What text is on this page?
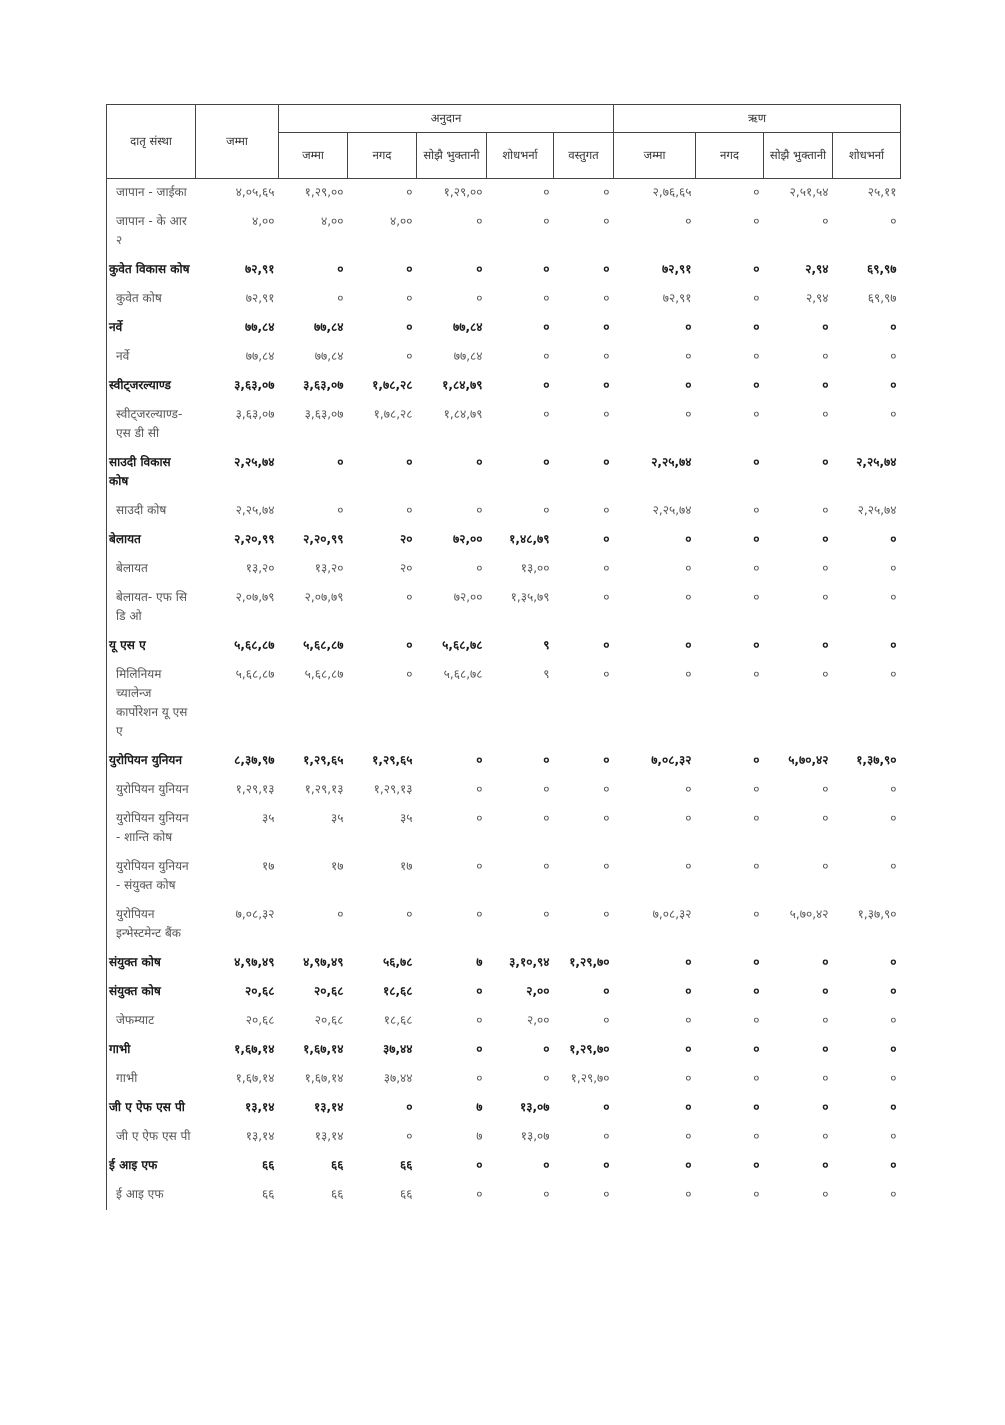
दातृ संस्था	जम्मा	अनुदान					ऋण			
		जम्मा	नगद	सोझै भुक्तानी	शोधभर्ना	वस्तुगत	जम्मा	नगद	सोझै भुक्तानी	शोधभर्ना
जापान - जाईका	४,०५,६५	१,२९,००	०	१,२९,००	०	०	२,७६,६५	०	२,५१,५४	२५,११
जापान - के आर २	४,००	४,००	४,००	०	०	०	०	०	०	०
कुवेत विकास कोष	७२,९१	०	०	०	०	०	७२,९१	०	२,९४	६९,९७
कुवेत कोष	७२,९१	०	०	०	०	०	७२,९१	०	२,९४	६९,९७
नर्वे	७७,८४	७७,८४	०	७७,८४	०	०	०	०	०	०
नर्वे	७७,८४	७७,८४	०	७७,८४	०	०	०	०	०	०
स्वीट्जरल्याण्ड	३,६३,०७	३,६३,०७	१,७८,२८	१,८४,७९	०	०	०	०	०	०
स्वीट्जरल्याण्ड- एस डी सी	३,६३,०७	३,६३,०७	१,७८,२८	१,८४,७९	०	०	०	०	०	०
साउदी विकास कोष	२,२५,७४	०	०	०	०	०	२,२५,७४	०	०	२,२५,७४
साउदी कोष	२,२५,७४	०	०	०	०	०	२,२५,७४	०	०	२,२५,७४
बेलायत	२,२०,९९	२,२०,९९	२०	७२,००	१,४८,७९	०	०	०	०	०
बेलायत	१३,२०	१३,२०	२०	०	१३,००	०	०	०	०	०
बेलायत- एफ सि डि ओ	२,०७,७९	२,०७,७९	०	७२,००	१,३५,७९	०	०	०	०	०
यू एस ए	५,६८,८७	५,६८,८७	०	५,६८,७८	९	०	०	०	०	०
मिलिनियम च्यालेन्ज कार्पोरेशन यू एस ए	५,६८,८७	५,६८,८७	०	५,६८,७८	९	०	०	०	०	०
युरोपियन युनियन	८,३७,९७	१,२९,६५	१,२९,६५	०	०	०	७,०८,३२	०	५,७०,४२	१,३७,९०
युरोपियन युनियन	१,२९,१३	१,२९,१३	१,२९,१३	०	०	०	०	०	०	०
युरोपियन युनियन - शान्ति कोष	३५	३५	३५	०	०	०	०	०	०	०
युरोपियन युनियन - संयुक्त कोष	१७	१७	१७	०	०	०	०	०	०	०
युरोपियन इन्भेस्टमेन्ट बैंक	७,०८,३२	०	०	०	०	०	७,०८,३२	०	५,७०,४२	१,३७,९०
संयुक्त कोष	४,९७,४९	४,९७,४९	५६,७८	७	३,१०,९४	१,२९,७०	०	०	०	०
संयुक्त कोष	२०,६८	२०,६८	१८,६८	०	२,००	०	०	०	०	०
जेफम्याट	२०,६८	२०,६८	१८,६८	०	२,००	०	०	०	०	०
गाभी	१,६७,१४	१,६७,१४	३७,४४	०	०	१,२९,७०	०	०	०	०
गाभी	१,६७,१४	१,६७,१४	३७,४४	०	०	१,२९,७०	०	०	०	०
जी ए ऐफ एस पी	१३,१४	१३,१४	०	७	१३,०७	०	०	०	०	०
जी ए ऐफ एस पी	१३,१४	१३,१४	०	७	१३,०७	०	०	०	०	०
ई आइ एफ	६६	६६	६६	०	०	०	०	०	०	०
ई आइ एफ	६६	६६	६६	०	०	०	०	०	०	०
